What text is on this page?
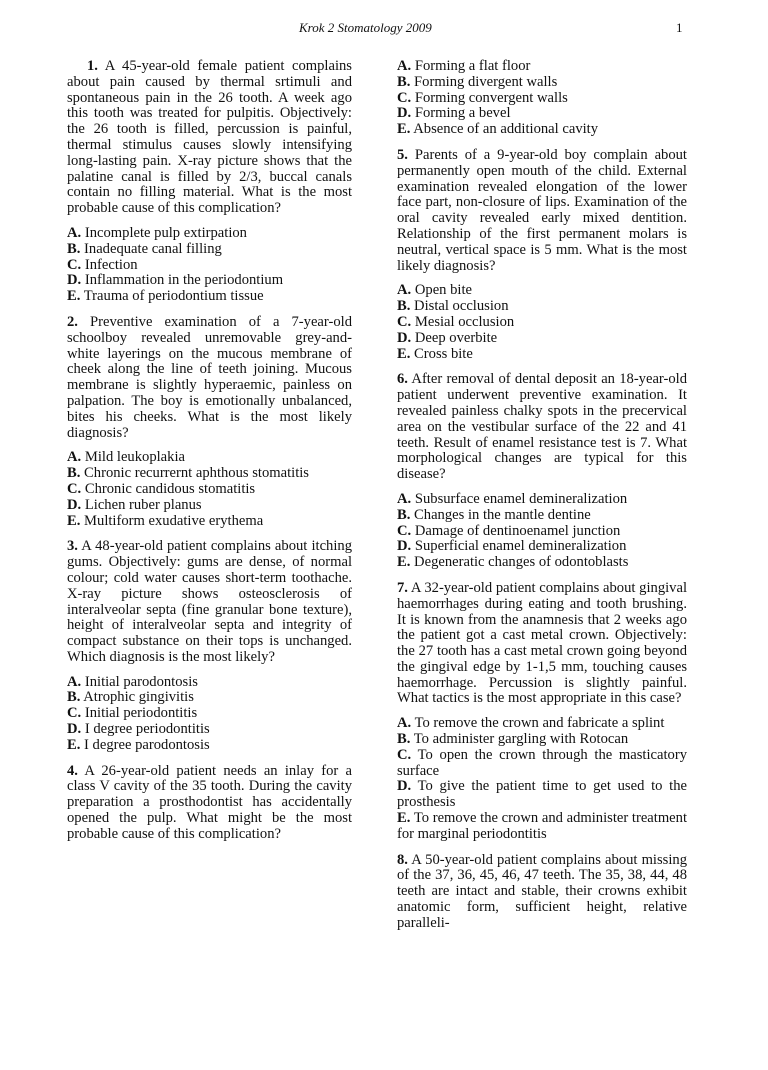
Krok 2 Stomatology 2009	1

1. A 45-year-old female patient complains about pain caused by thermal srtimuli and spontaneous pain in the 26 tooth. A week ago this tooth was treated for pulpitis. Objectively: the 26 tooth is filled, percussion is painful, thermal stimulus causes slowly intensifying long-lasting pain. X-ray picture shows that the palatine canal is filled by 2/3, buccal canals contain no filling material. What is the most probable cause of this complication?

A. Incomplete pulp extirpation
B. Inadequate canal filling
C. Infection
D. Inflammation in the periodontium
E. Trauma of periodontium tissue

2. Preventive examination of a 7-year-old schoolboy revealed unremovable grey-and-white layerings on the mucous membrane of cheek along the line of teeth joining. Mucous membrane is slightly hyperaemic, painless on palpation. The boy is emotionally unbalanced, bites his cheeks. What is the most likely diagnosis?

A. Mild leukoplakia
B. Chronic recurrernt aphthous stomatitis
C. Chronic candidous stomatitis
D. Lichen ruber planus
E. Multiform exudative erythema

3. A 48-year-old patient complains about itching gums. Objectively: gums are dense, of normal colour; cold water causes short-term toothache. X-ray picture shows osteosclerosis of interalveolar septa (fine granular bone texture), height of interalveolar septa and integrity of compact substance on their tops is unchanged. Which diagnosis is the most likely?

A. Initial parodontosis
B. Atrophic gingivitis
C. Initial periodontitis
D. I degree periodontitis
E. I degree parodontosis

4. A 26-year-old patient needs an inlay for a class V cavity of the 35 tooth. During the cavity preparation a prosthodontist has accidentally opened the pulp. What might be the most probable cause of this complication?

A. Forming a flat floor
B. Forming divergent walls
C. Forming convergent walls
D. Forming a bevel
E. Absence of an additional cavity

5. Parents of a 9-year-old boy complain about permanently open mouth of the child. External examination revealed elongation of the lower face part, non-closure of lips. Examination of the oral cavity revealed early mixed dentition. Relationship of the first permanent molars is neutral, vertical space is 5 mm. What is the most likely diagnosis?

A. Open bite
B. Distal occlusion
C. Mesial occlusion
D. Deep overbite
E. Cross bite

6. After removal of dental deposit an 18-year-old patient underwent preventive examination. It revealed painless chalky spots in the precervical area on the vestibular surface of the 22 and 41 teeth. Result of enamel resistance test is 7. What morphological changes are typical for this disease?

A. Subsurface enamel demineralization
B. Changes in the mantle dentine
C. Damage of dentinoenamel junction
D. Superficial enamel demineralization
E. Degeneratic changes of odontoblasts

7. A 32-year-old patient complains about gingival haemorrhages during eating and tooth brushing. It is known from the anamnesis that 2 weeks ago the patient got a cast metal crown. Objectively: the 27 tooth has a cast metal crown going beyond the gingival edge by 1-1,5 mm, touching causes haemorrhage. Percussion is slightly painful. What tactics is the most appropriate in this case?

A. To remove the crown and fabricate a splint
B. To administer gargling with Rotocan
C. To open the crown through the masticatory surface
D. To give the patient time to get used to the prosthesis
E. To remove the crown and administer treatment for marginal periodontitis

8. A 50-year-old patient complains about missing of the 37, 36, 45, 46, 47 teeth. The 35, 38, 44, 48 teeth are intact and stable, their crowns exhibit anatomic form, sufficient height, relative paralleli-
